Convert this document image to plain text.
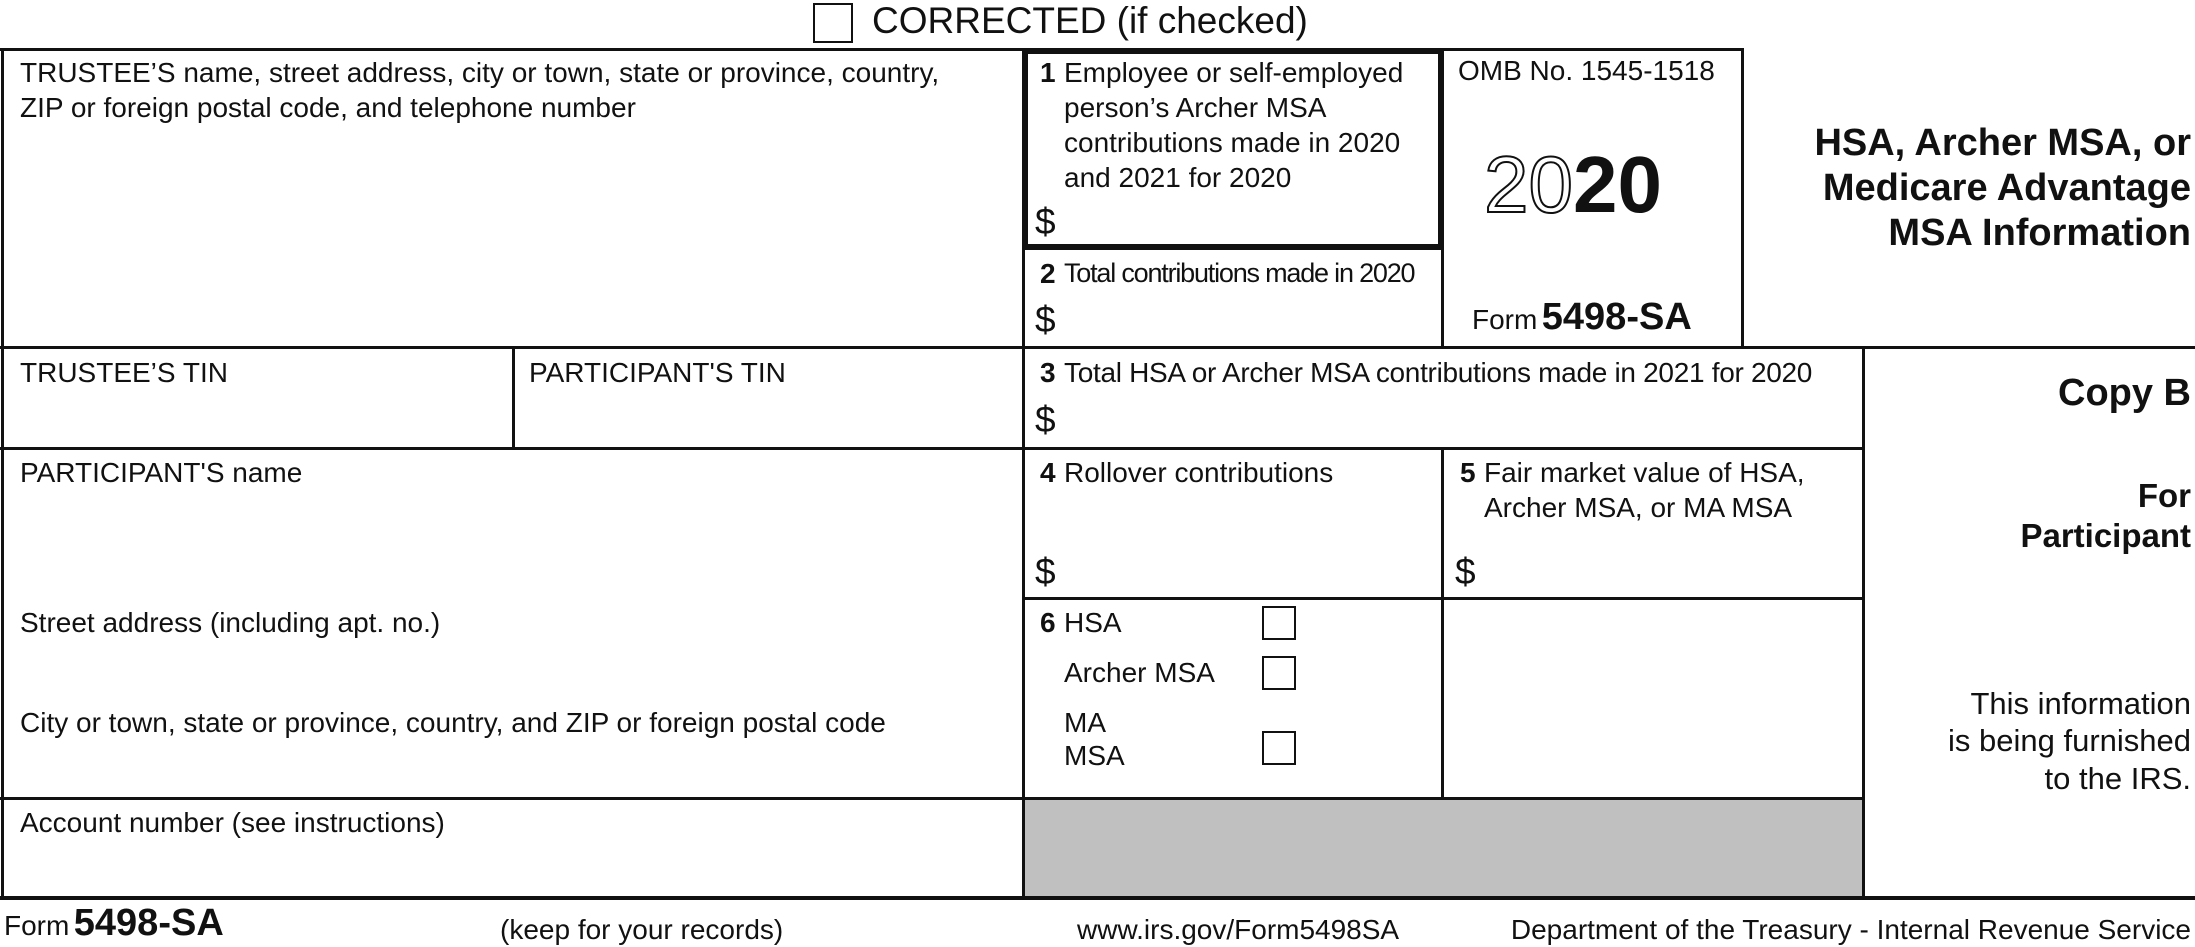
CORRECTED (if checked)
TRUSTEE’S name, street address, city or town, state or province, country,
ZIP or foreign postal code, and telephone number
TRUSTEE’S TIN	PARTICIPANT'S TIN
PARTICIPANT'S name
Street address (including apt. no.)
City or town, state or province, country, and ZIP or foreign postal code
Account number (see instructions)
1 Employee or self-employed
person’s Archer MSA
contributions made in 2020
and 2021 for 2020
$
2 Total contributions made in 2020
$
3 Total HSA or Archer MSA contributions made in 2021 for 2020
$
4 Rollover contributions
$
5 Fair market value of HSA,
Archer MSA, or MA MSA
$
6 HSA
Archer MSA
MA
MSA
OMB No. 1545-1518
2020
Form 5498-SA
HSA, Archer MSA, or
Medicare Advantage
MSA Information
Copy B
For
Participant
This information
is being furnished
to the IRS.
Form 5498-SA	(keep for your records)	www.irs.gov/Form5498SA	Department of the Treasury - Internal Revenue Service
